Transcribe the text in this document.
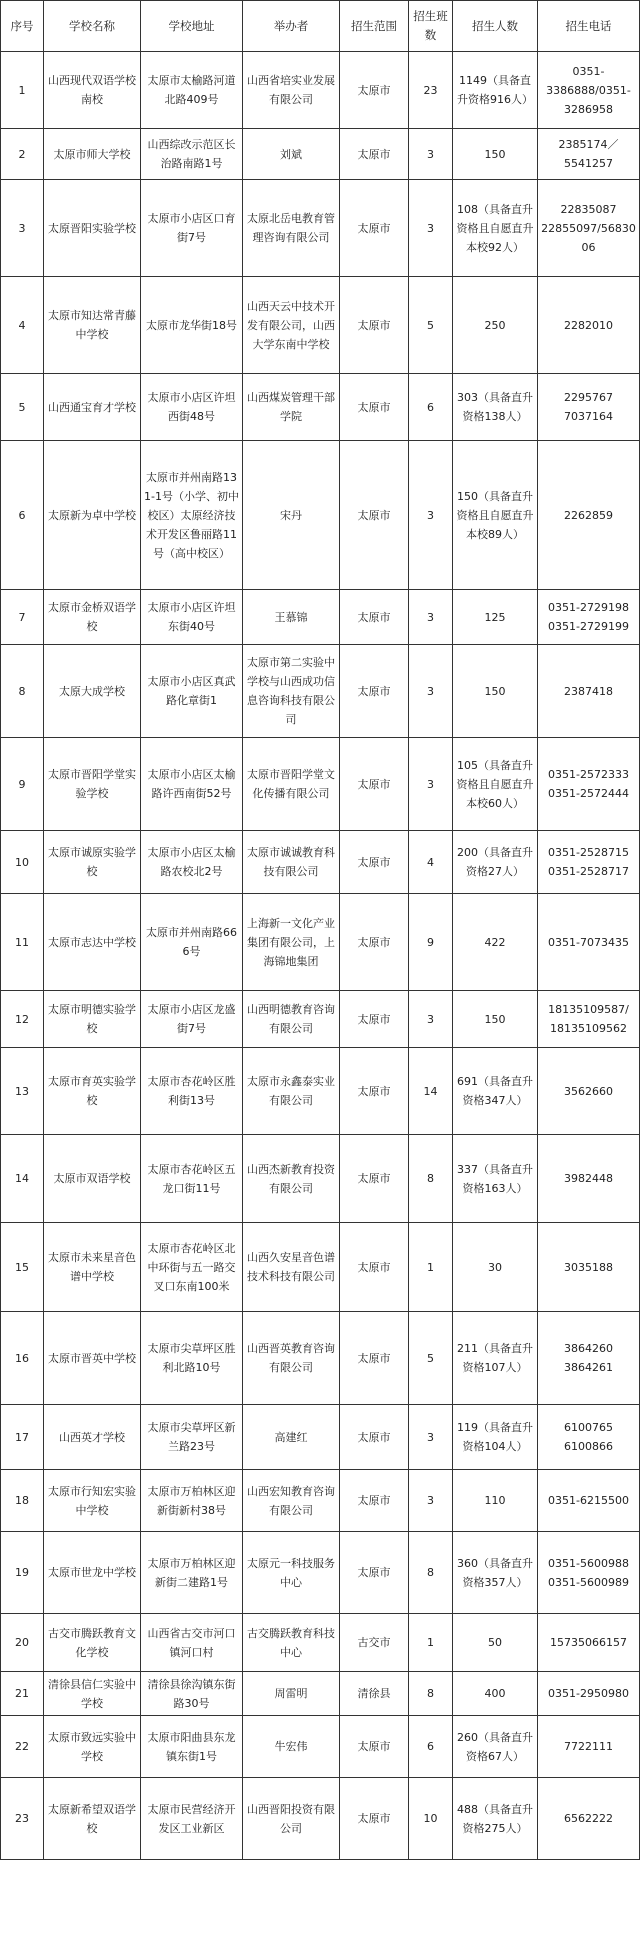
序号	学校名称	学校地址	举办者	招生范围	招生班数	招生人数	招生电话
1	山西现代双语学校南校	太原市太榆路河道北路409号	山西省培实业发展有限公司	太原市	23	1149（具备直升资格916人）	0351-
3386888/0351-
3286958
2	太原市师大学校	山西综改示范区长治路南路1号	刘斌	太原市	3	150	2385174／
5541257
3	太原晋阳实验学校	太原市小店区口育街7号	太原北岳电教育管理咨询有限公司	太原市	3	108（具备直升资格且自愿直升本校92人）	22835087
22855097/5683006
4	太原市知达常青藤中学校	太原市龙华街18号	山西天云中技术开发有限公司，山西大学东南中学校	太原市	5	250	2282010
5	山西通宝育才学校	太原市小店区许坦西街48号	山西煤炭管理干部学院	太原市	6	303（具备直升资格138人）	2295767
7037164
6	太原新为卓中学校	太原市并州南路131-1号（小学、初中校区）太原经济技术开发区鲁丽路11号（高中校区）	宋丹	太原市	3	150（具备直升资格且自愿直升本校89人）	2262859
7	太原市金桥双语学校	太原市小店区许坦东街40号	王慕锦	太原市	3	125	0351-2729198
0351-2729199
8	太原大成学校	太原市小店区真武路化章街1	太原市第二实验中学校与山西成功信息咨询科技有限公司	太原市	3	150	2387418
9	太原市晋阳学堂实验学校	太原市小店区太榆路许西南街52号	太原市晋阳学堂文化传播有限公司	太原市	3	105（具备直升资格且自愿直升本校60人）	0351-2572333
0351-2572444
10	太原市诚原实验学校	太原市小店区太榆路农校北2号	太原市诚诚教育科技有限公司	太原市	4	200（具备直升资格27人）	0351-2528715
0351-2528717
11	太原市志达中学校	太原市并州南路666号	上海新一文化产业集团有限公司，上海锦地集团	太原市	9	422	0351-7073435
12	太原市明德实验学校	太原市小店区龙盛街7号	山西明德教育咨询有限公司	太原市	3	150	18135109587/
18135109562
13	太原市育英实验学校	太原市杏花岭区胜利街13号	太原市永鑫泰实业有限公司	太原市	14	691（具备直升资格347人）	3562660
14	太原市双语学校	太原市杏花岭区五龙口街11号	山西杰新教育投资有限公司	太原市	8	337（具备直升资格163人）	3982448
15	太原市未来星音色谱中学校	太原市杏花岭区北中环街与五一路交叉口东南100米	山西久安星音色谱技术科技有限公司	太原市	1	30	3035188
16	太原市晋英中学校	太原市尖草坪区胜利北路10号	山西晋英教育咨询有限公司	太原市	5	211（具备直升资格107人）	3864260
3864261
17	山西英才学校	太原市尖草坪区新兰路23号	高建红	太原市	3	119（具备直升资格104人）	6100765
6100866
18	太原市行知宏实验中学校	太原市万柏林区迎新街新村38号	山西宏知教育咨询有限公司	太原市	3	110	0351-6215500
19	太原市世龙中学校	太原市万柏林区迎新街二建路1号	太原元一科技服务中心	太原市	8	360（具备直升资格357人）	0351-5600988
0351-5600989
20	古交市腾跃教育文化学校	山西省古交市河口镇河口村	古交腾跃教育科技中心	古交市	1	50	15735066157
21	清徐县信仁实验中学校	清徐县徐沟镇东街路30号	周雷明	清徐县	8	400	0351-2950980
22	太原市致远实验中学校	太原市阳曲县东龙镇东街1号	牛宏伟	太原市	6	260（具备直升资格67人）	7722111
23	太原新希望双语学校	太原市民营经济开发区工业新区	山西晋阳投资有限公司	太原市	10	488（具备直升资格275人）	6562222
